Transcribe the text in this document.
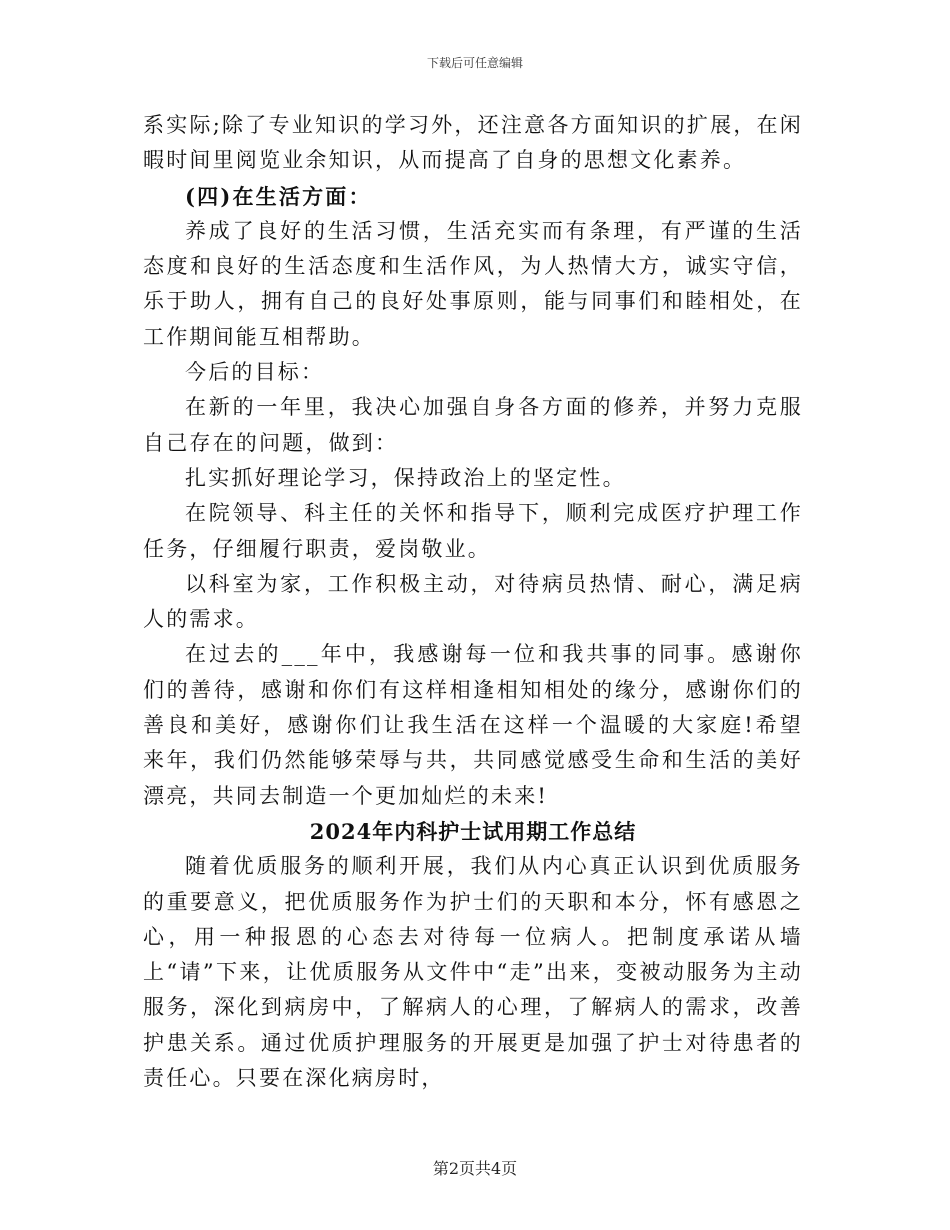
下载后可任意编辑

系实际;除了专业知识的学习外，还注意各方面知识的扩展，在闲暇时间里阅览业余知识，从而提高了自身的思想文化素养。

(四)在生活方面：

养成了良好的生活习惯，生活充实而有条理，有严谨的生活态度和良好的生活态度和生活作风，为人热情大方，诚实守信，乐于助人，拥有自己的良好处事原则，能与同事们和睦相处，在工作期间能互相帮助。

今后的目标：

在新的一年里，我决心加强自身各方面的修养，并努力克服自己存在的问题，做到：

扎实抓好理论学习，保持政治上的坚定性。

在院领导、科主任的关怀和指导下，顺利完成医疗护理工作任务，仔细履行职责，爱岗敬业。

以科室为家，工作积极主动，对待病员热情、耐心，满足病人的需求。

在过去的___年中，我感谢每一位和我共事的同事。感谢你们的善待，感谢和你们有这样相逢相知相处的缘分，感谢你们的善良和美好，感谢你们让我生活在这样一个温暖的大家庭!希望来年，我们仍然能够荣辱与共，共同感觉感受生命和生活的美好漂亮，共同去制造一个更加灿烂的未来!

2024年内科护士试用期工作总结

随着优质服务的顺利开展，我们从内心真正认识到优质服务的重要意义，把优质服务作为护士们的天职和本分，怀有感恩之心，用一种报恩的心态去对待每一位病人。把制度承诺从墙上“请”下来，让优质服务从文件中“走”出来，变被动服务为主动服务，深化到病房中，了解病人的心理，了解病人的需求，改善护患关系。通过优质护理服务的开展更是加强了护士对待患者的责任心。只要在深化病房时，

第2页共4页
